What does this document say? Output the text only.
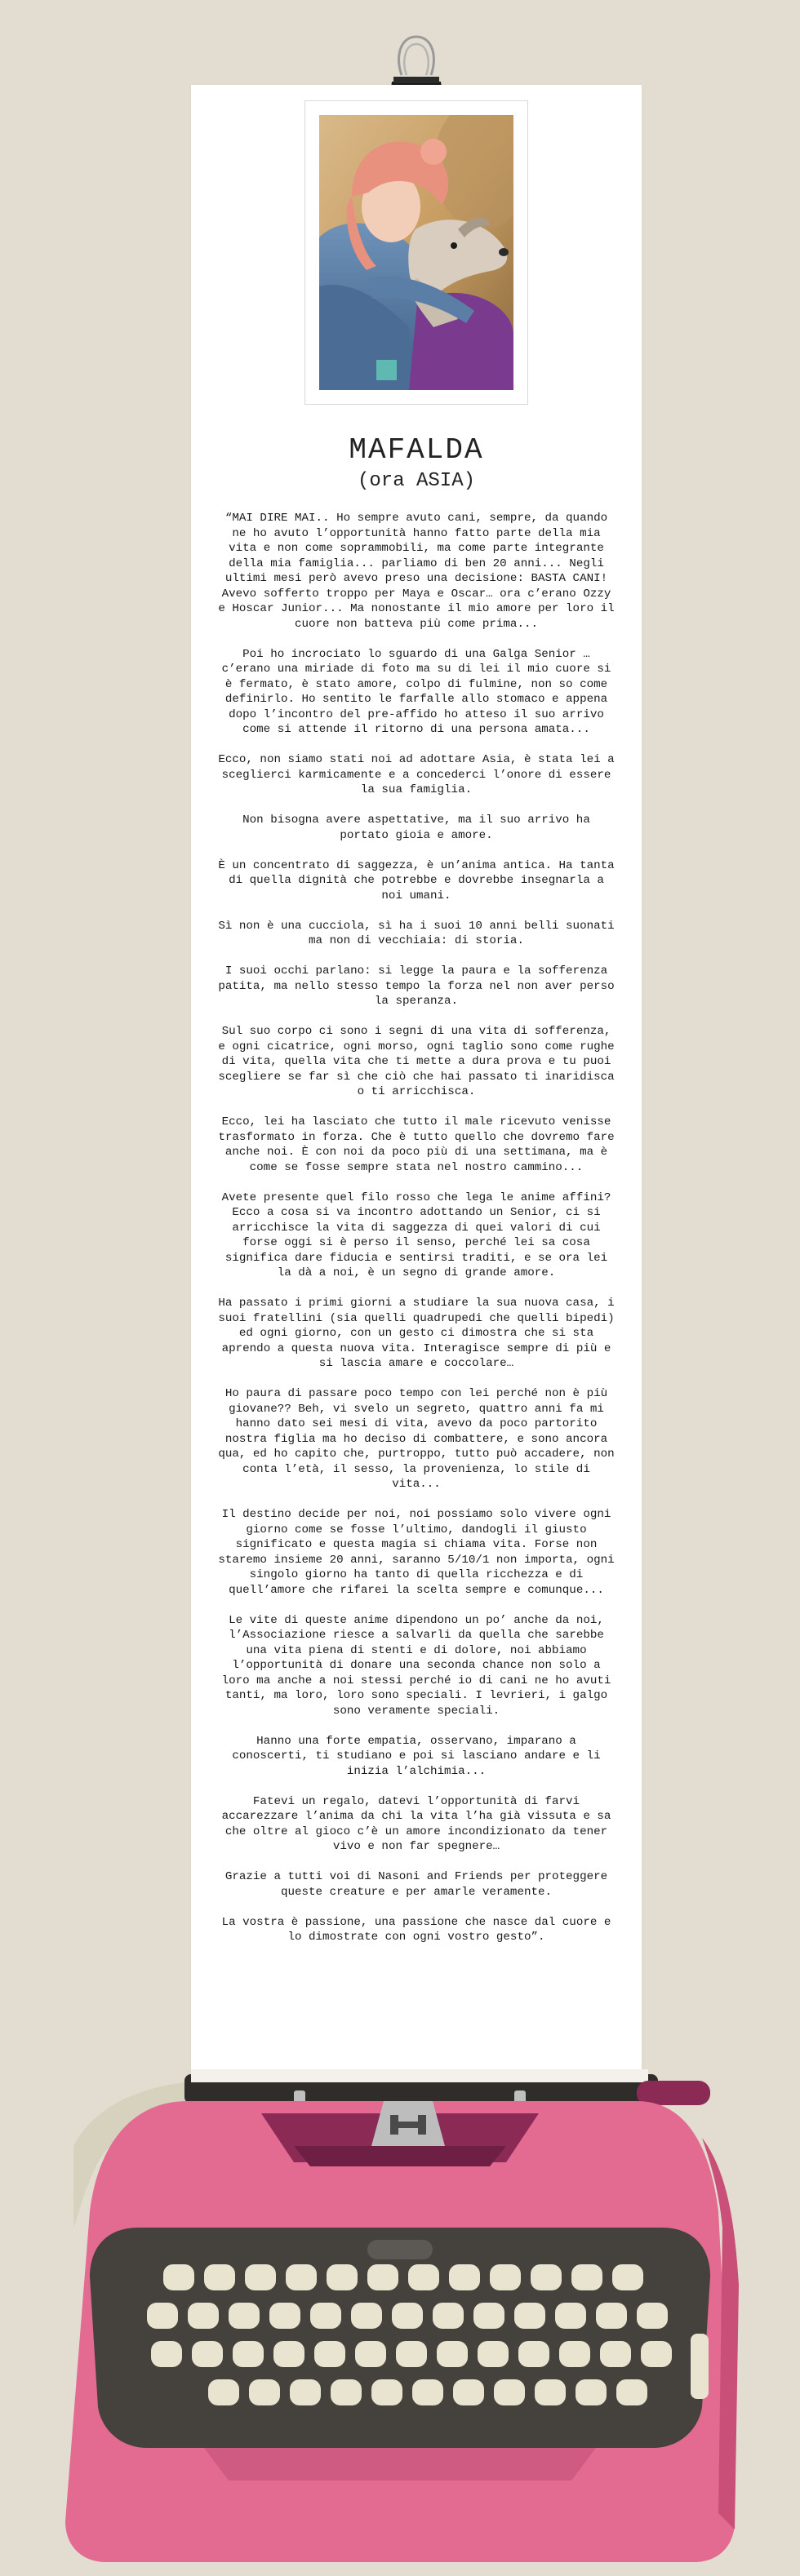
MAFALDA
(ora ASIA)

“MAI DIRE MAI.. Ho sempre avuto cani, sempre, da quando ne ho avuto l’opportunità hanno fatto parte della mia vita e non come soprammobili, ma come parte integrante della mia famiglia... parliamo di ben 20 anni... Negli ultimi mesi però avevo preso una decisione: BASTA CANI! Avevo sofferto troppo per Maya e Oscar… ora c’erano Ozzy e Hoscar Junior... Ma nonostante il mio amore per loro il cuore non batteva più come prima...

Poi ho incrociato lo sguardo di una Galga Senior … c’erano una miriade di foto ma su di lei il mio cuore si è fermato, è stato amore, colpo di fulmine, non so come definirlo. Ho sentito le farfalle allo stomaco e appena dopo l’incontro del pre-affido ho atteso il suo arrivo come si attende il ritorno di una persona amata...

Ecco, non siamo stati noi ad adottare Asia, è stata lei a sceglierci karmicamente e a concederci l’onore di essere la sua famiglia.

Non bisogna avere aspettative, ma il suo arrivo ha portato gioia e amore.

È un concentrato di saggezza, è un’anima antica. Ha tanta di quella dignità che potrebbe e dovrebbe insegnarla a noi umani.

Sì non è una cucciola, sì ha i suoi 10 anni belli suonati ma non di vecchiaia: di storia.

I suoi occhi parlano: si legge la paura e la sofferenza patita, ma nello stesso tempo la forza nel non aver perso la speranza.

Sul suo corpo ci sono i segni di una vita di sofferenza, e ogni cicatrice, ogni morso, ogni taglio sono come rughe di vita, quella vita che ti mette a dura prova e tu puoi scegliere se far sì che ciò che hai passato ti inaridisca o ti arricchisca.

Ecco, lei ha lasciato che tutto il male ricevuto venisse trasformato in forza. Che è tutto quello che dovremo fare anche noi. È con noi da poco più di una settimana, ma è come se fosse sempre stata nel nostro cammino...

Avete presente quel filo rosso che lega le anime affini? Ecco a cosa si va incontro adottando un Senior, ci si arricchisce la vita di saggezza di quei valori di cui forse oggi si è perso il senso, perché lei sa cosa significa dare fiducia e sentirsi traditi, e se ora lei la dà a noi, è un segno di grande amore.

Ha passato i primi giorni a studiare la sua nuova casa, i suoi fratellini (sia quelli quadrupedi che quelli bipedi) ed ogni giorno, con un gesto ci dimostra che si sta aprendo a questa nuova vita. Interagisce sempre di più e si lascia amare e coccolare…

Ho paura di passare poco tempo con lei perché non è più giovane?? Beh, vi svelo un segreto, quattro anni fa mi hanno dato sei mesi di vita, avevo da poco partorito nostra figlia ma ho deciso di combattere, e sono ancora qua, ed ho capito che, purtroppo, tutto può accadere, non conta l’età, il sesso, la provenienza, lo stile di vita...

Il destino decide per noi, noi possiamo solo vivere ogni giorno come se fosse l’ultimo, dandogli il giusto significato e questa magia si chiama vita. Forse non staremo insieme 20 anni, saranno 5/10/1 non importa, ogni singolo giorno ha tanto di quella ricchezza e di quell’amore che rifarei la scelta sempre e comunque...

Le vite di queste anime dipendono un po’ anche da noi, l’Associazione riesce a salvarli da quella che sarebbe una vita piena di stenti e di dolore, noi abbiamo l’opportunità di donare una seconda chance non solo a loro ma anche a noi stessi perché io di cani ne ho avuti tanti, ma loro, loro sono speciali. I levrieri, i galgo sono veramente speciali.

Hanno una forte empatia, osservano, imparano a conoscerti, ti studiano e poi si lasciano andare e li inizia l’alchimia...

Fatevi un regalo, datevi l’opportunità di farvi accarezzare l’anima da chi la vita l’ha già vissuta e sa che oltre al gioco c’è un amore incondizionato da tener vivo e non far spegnere…

Grazie a tutti voi di Nasoni and Friends per proteggere queste creature e per amarle veramente.

La vostra è passione, una passione che nasce dal cuore e lo dimostrate con ogni vostro gesto”.
